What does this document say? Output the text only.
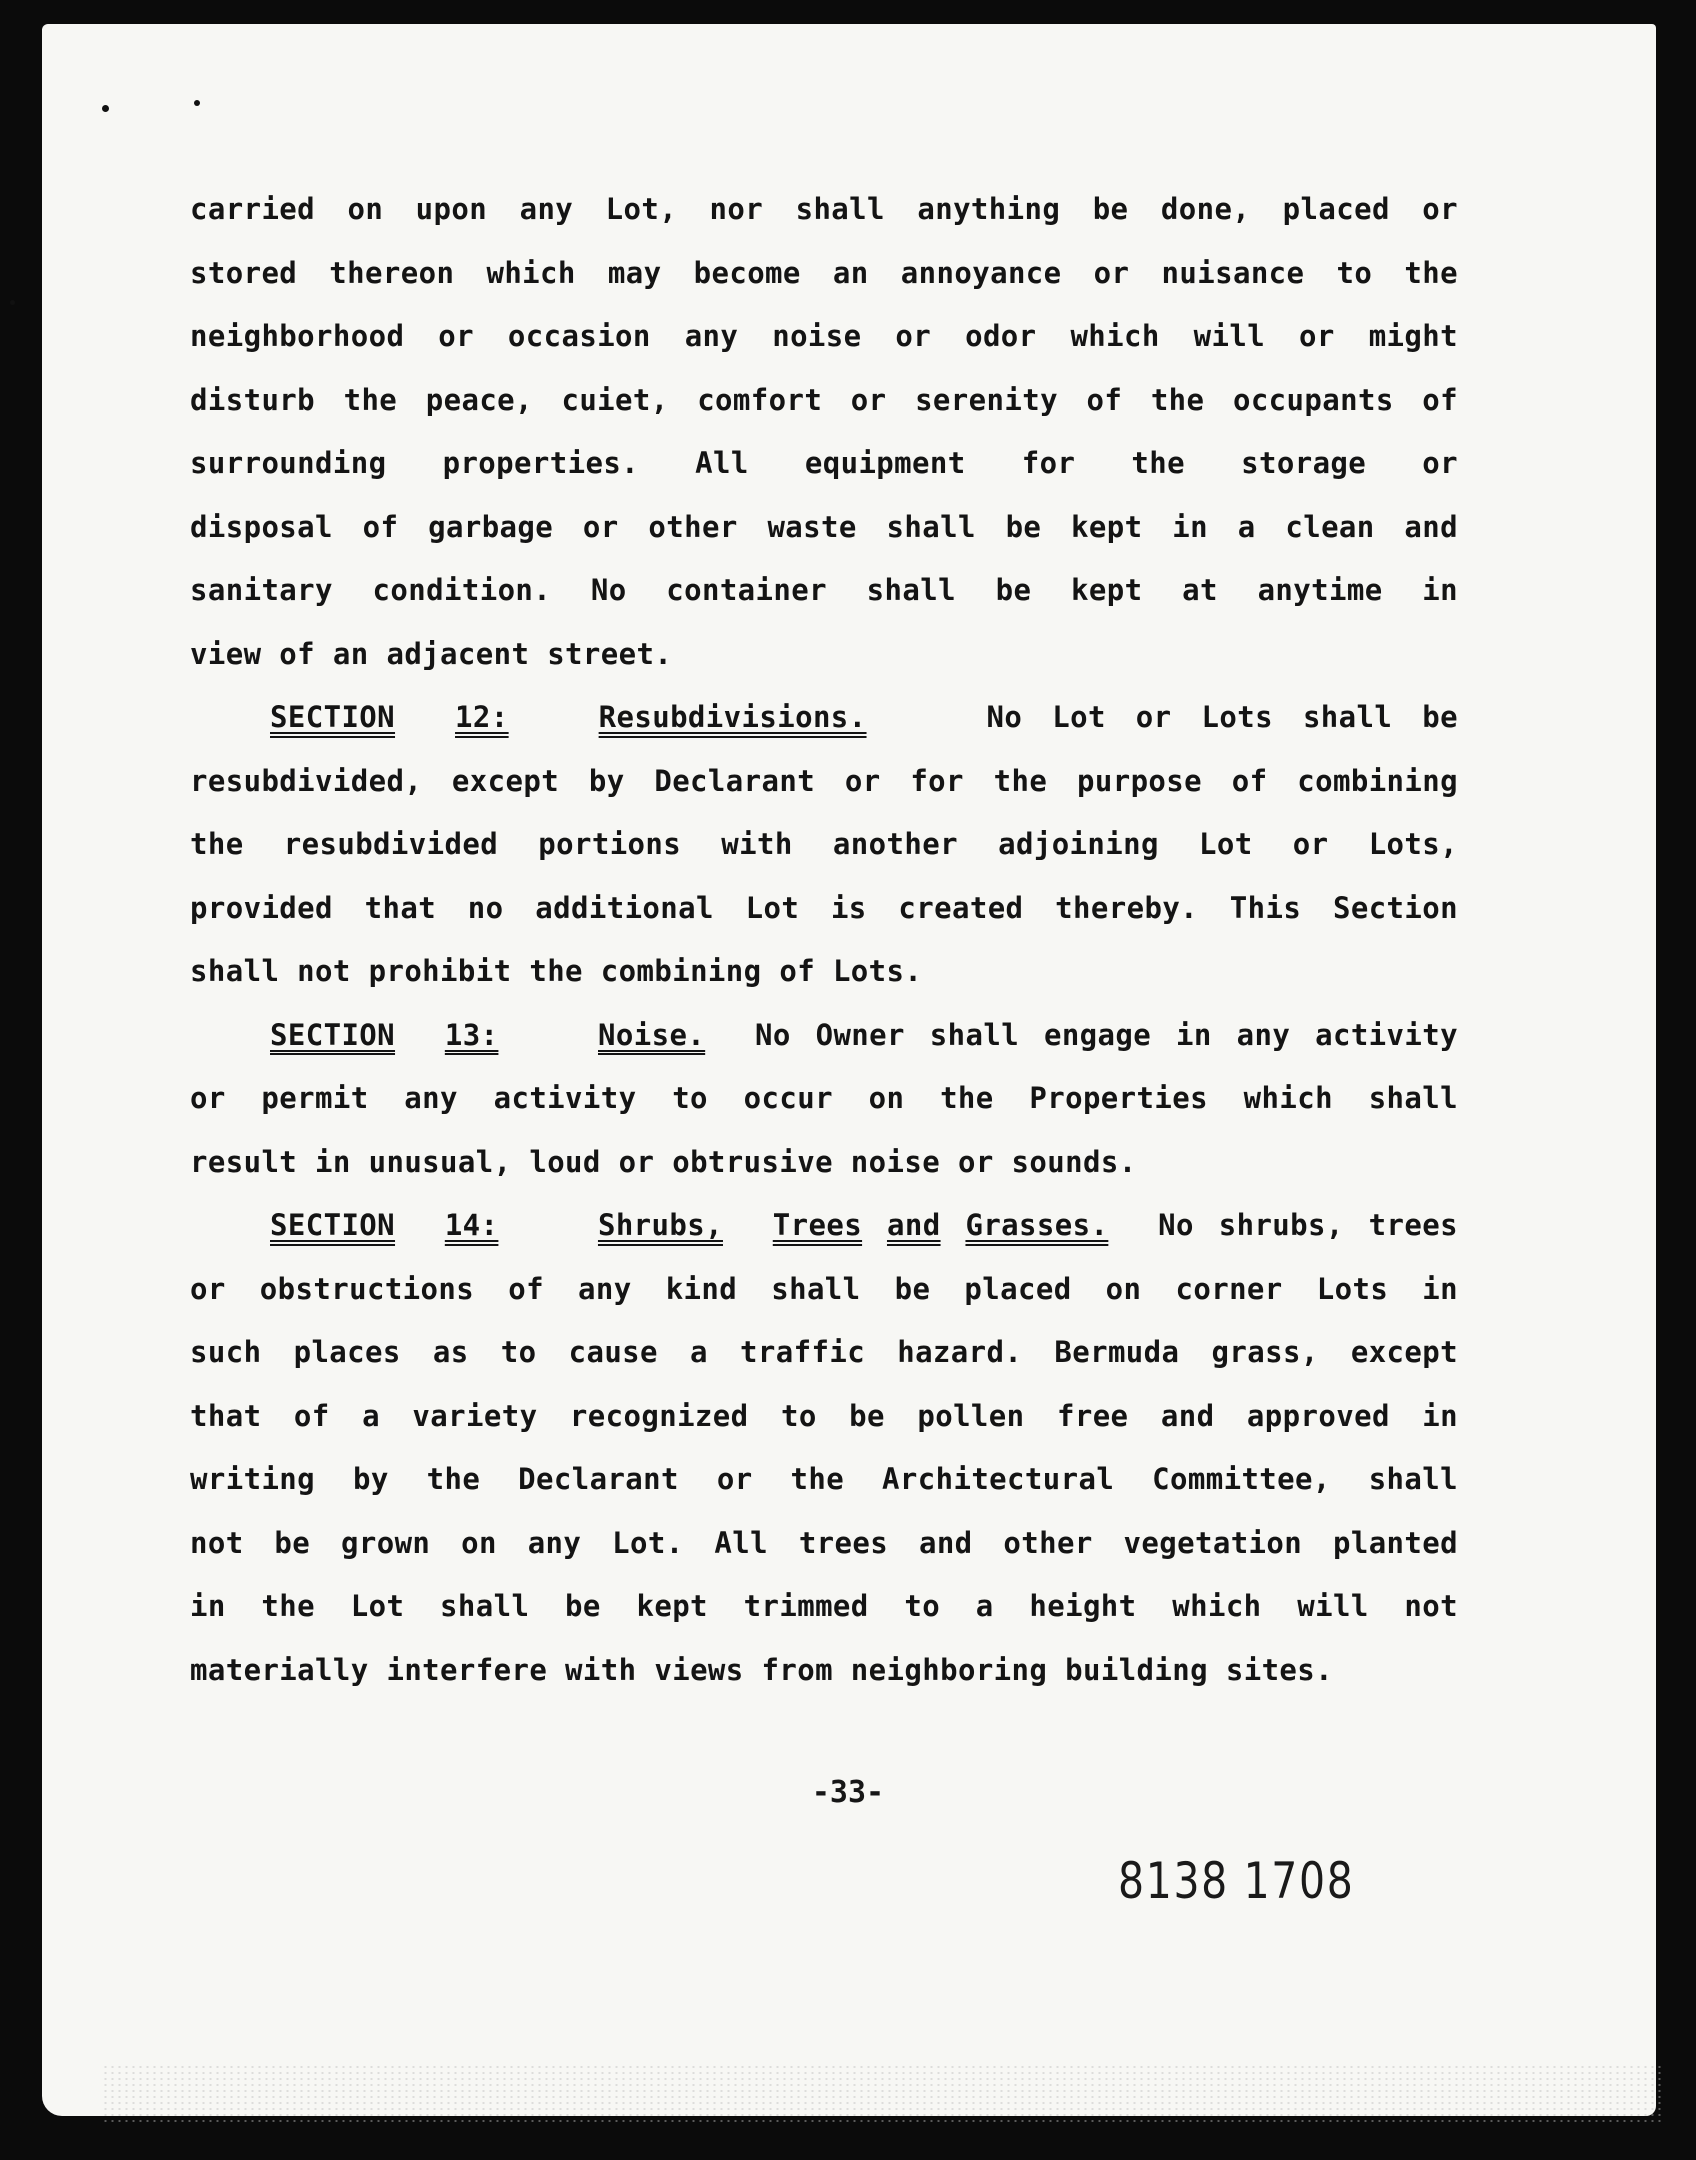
carried on upon any Lot, nor shall anything be done, placed or
stored thereon which may become an annoyance or nuisance to the
neighborhood or occasion any noise or odor which will or might
disturb the peace, cuiet, comfort or serenity of the occupants of
surrounding properties. All equipment for the storage or
disposal of garbage or other waste shall be kept in a clean and
sanitary condition. No container shall be kept at anytime in
view of an adjacent street.
SECTION 12:	Resubdivisions.	No Lot or Lots shall be
resubdivided, except by Declarant or for the purpose of combining
the resubdivided portions with another adjoining Lot or Lots,
provided that no additional Lot is created thereby. This Section
shall not prohibit the combining of Lots.
SECTION 13:	Noise. No Owner shall engage in any activity
or permit any activity to occur on the Properties which shall
result in unusual, loud or obtrusive noise or sounds.
SECTION 14:	Shrubs, Trees and Grasses. No shrubs, trees
or obstructions of any kind shall be placed on corner Lots in
such places as to cause a traffic hazard. Bermuda grass, except
that of a variety recognized to be pollen free and approved in
writing by the Declarant or the Architectural Committee, shall
not be grown on any Lot. All trees and other vegetation planted
in the Lot shall be kept trimmed to a height which will not
materially interfere with views from neighboring building sites.
-33-
8138 1708
